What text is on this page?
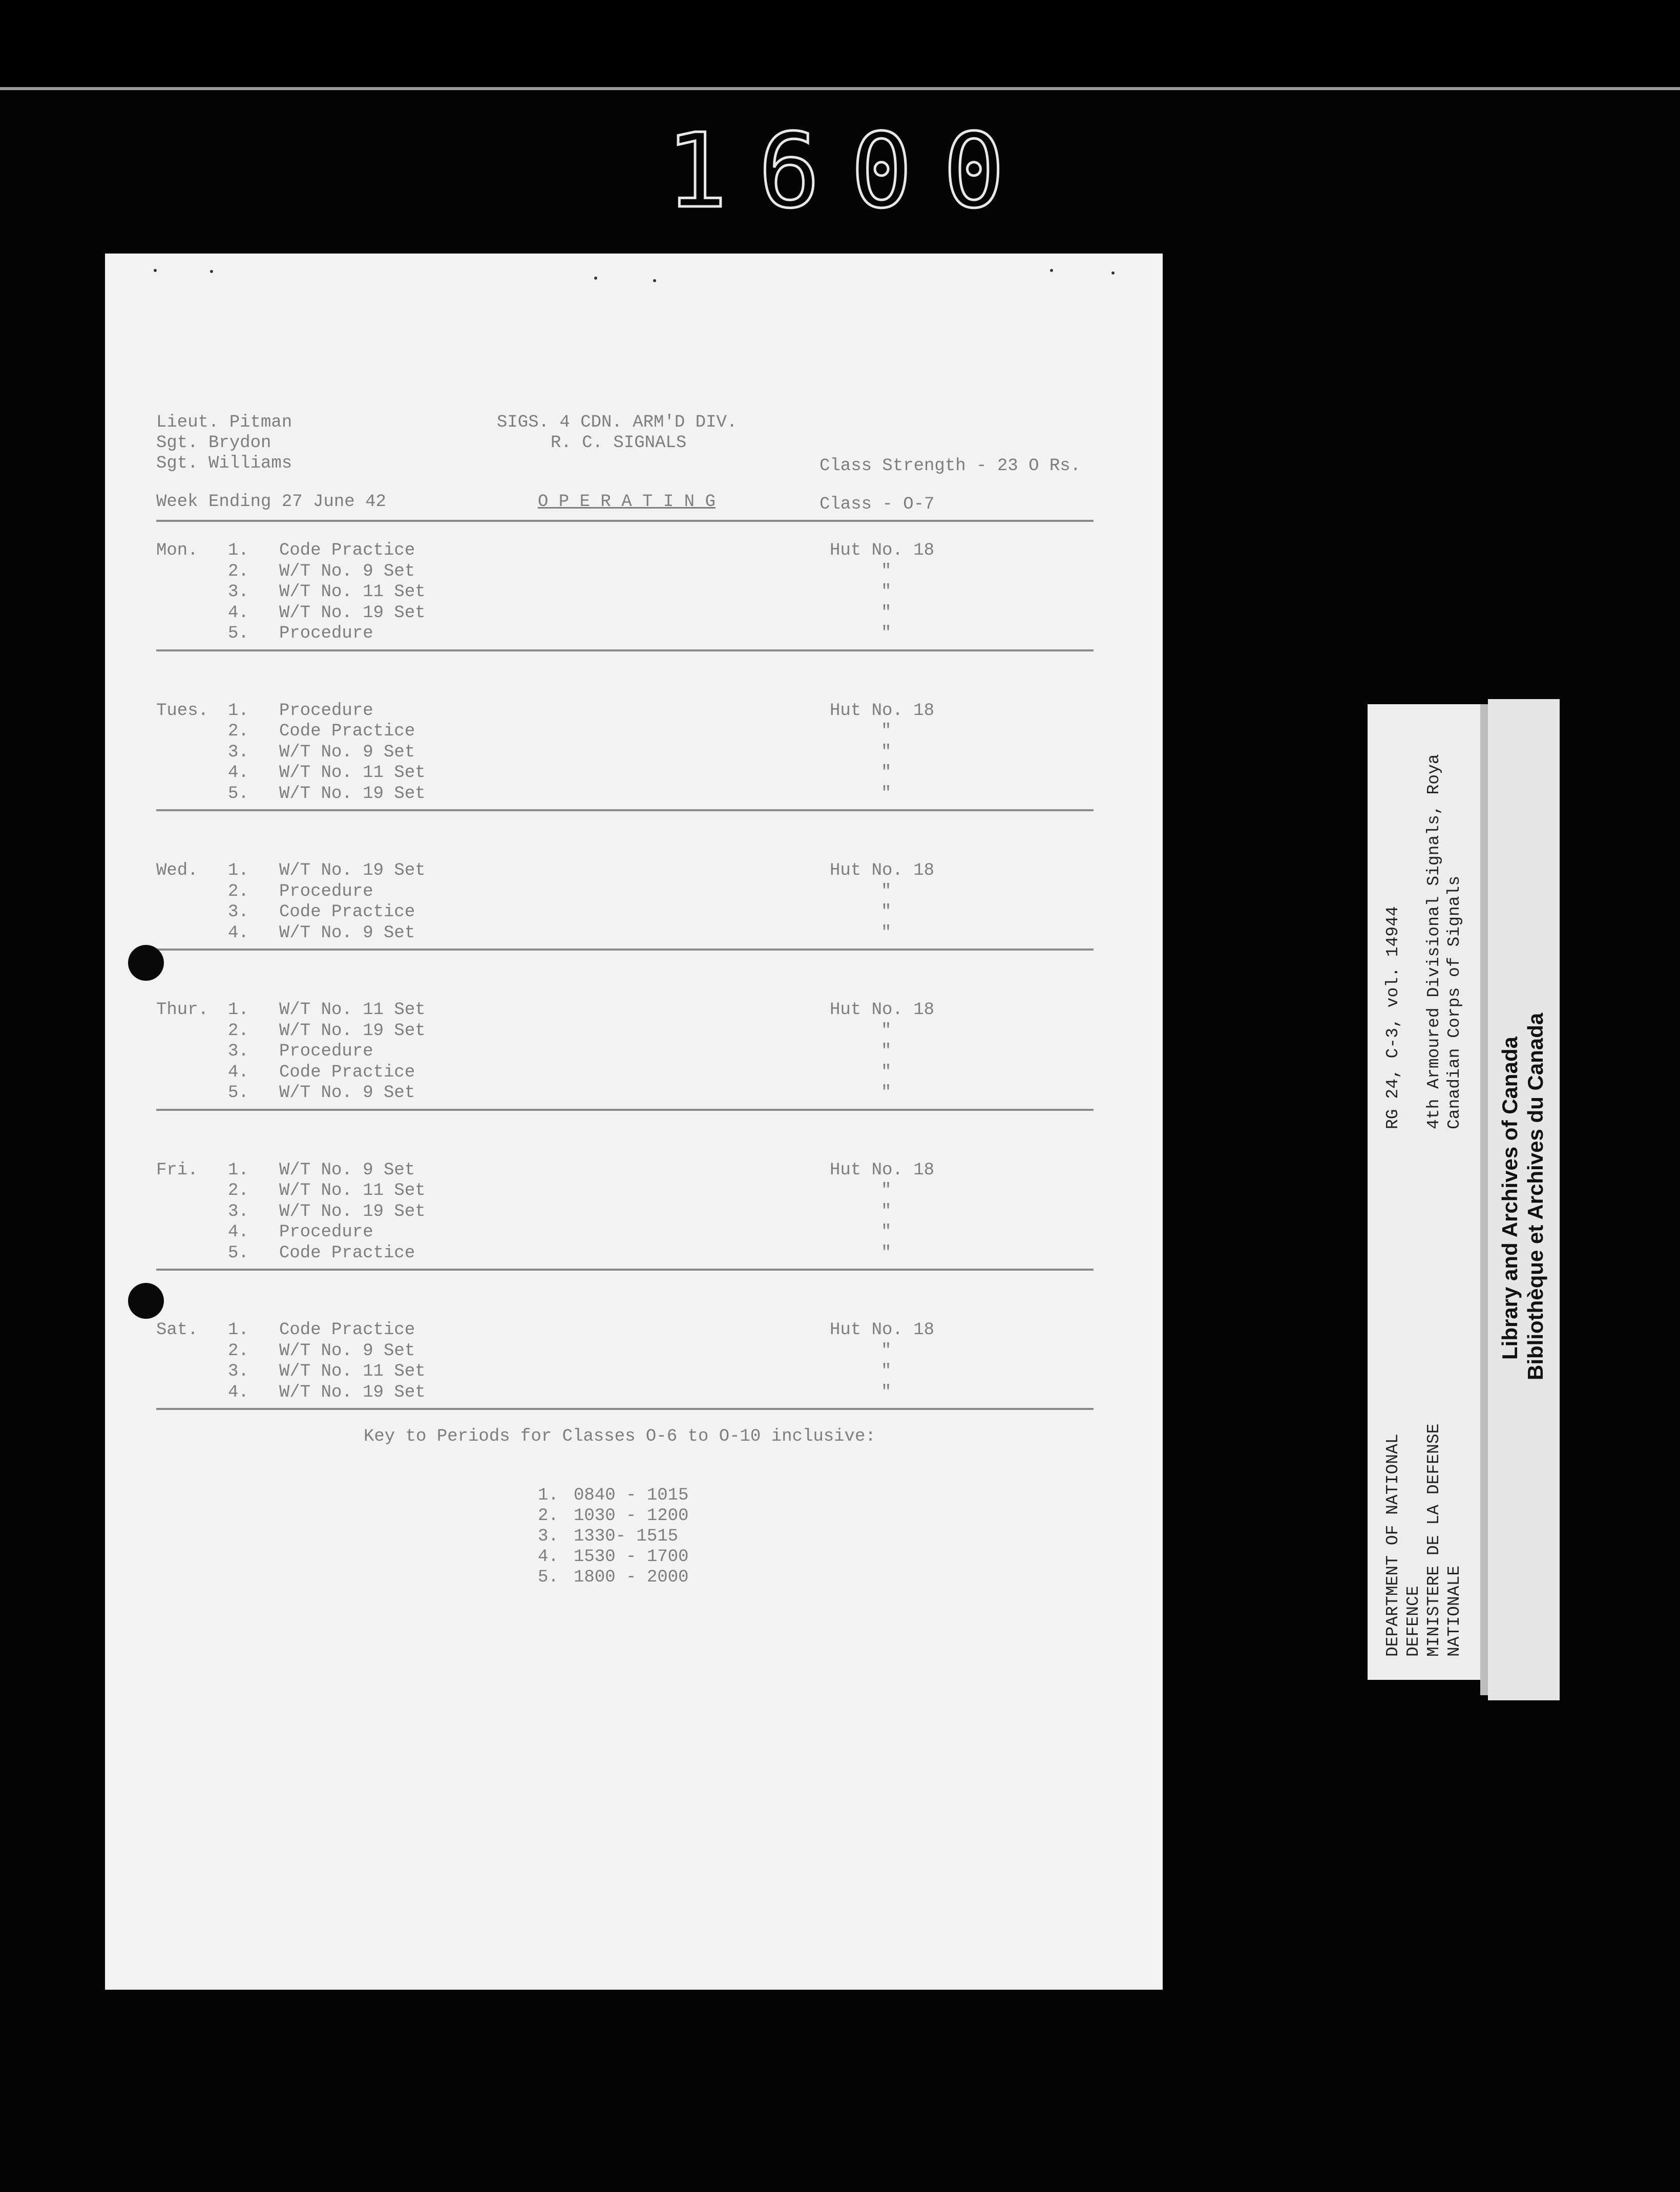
1600
Lieut. Pitman
Sgt. Brydon
Sgt. Williams
SIGS. 4 CDN. ARM'D DIV.
R. C. SIGNALS
Class Strength - 23 O Rs.
Week Ending 27 June 42	O P E R A T I N G	Class - O-7
Mon. 1. Code Practice	Hut No. 18
2. W/T No. 9 Set	"
3. W/T No. 11 Set	"
4. W/T No. 19 Set	"
5. Procedure	"
Tues. 1. Procedure	Hut No. 18
2. Code Practice	"
3. W/T No. 9 Set	"
4. W/T No. 11 Set	"
5. W/T No. 19 Set	"
Wed. 1. W/T No. 19 Set	Hut No. 18
2. Procedure	"
3. Code Practice	"
4. W/T No. 9 Set	"
Thur. 1. W/T No. 11 Set	Hut No. 18
2. W/T No. 19 Set	"
3. Procedure	"
4. Code Practice	"
5. W/T No. 9 Set	"
Fri. 1. W/T No. 9 Set	Hut No. 18
2. W/T No. 11 Set	"
3. W/T No. 19 Set	"
4. Procedure	"
5. Code Practice	"
Sat. 1. Code Practice	Hut No. 18
2. W/T No. 9 Set	"
3. W/T No. 11 Set	"
4. W/T No. 19 Set	"
Key to Periods for Classes O-6 to O-10 inclusive:
1. 0840 - 1015
2. 1030 - 1200
3. 1330- 1515
4. 1530 - 1700
5. 1800 - 2000	DEPARTMENT OF NATIONAL DEFENCE MINISTERE DE LA DEFENSE NATIONALE
RG 24, C-3, vol. 14944 4th Armoured Divisional Signals, Roya Canadian Corps of Signals
Library and Archives of Canada Bibliothèque et Archives du Canada
